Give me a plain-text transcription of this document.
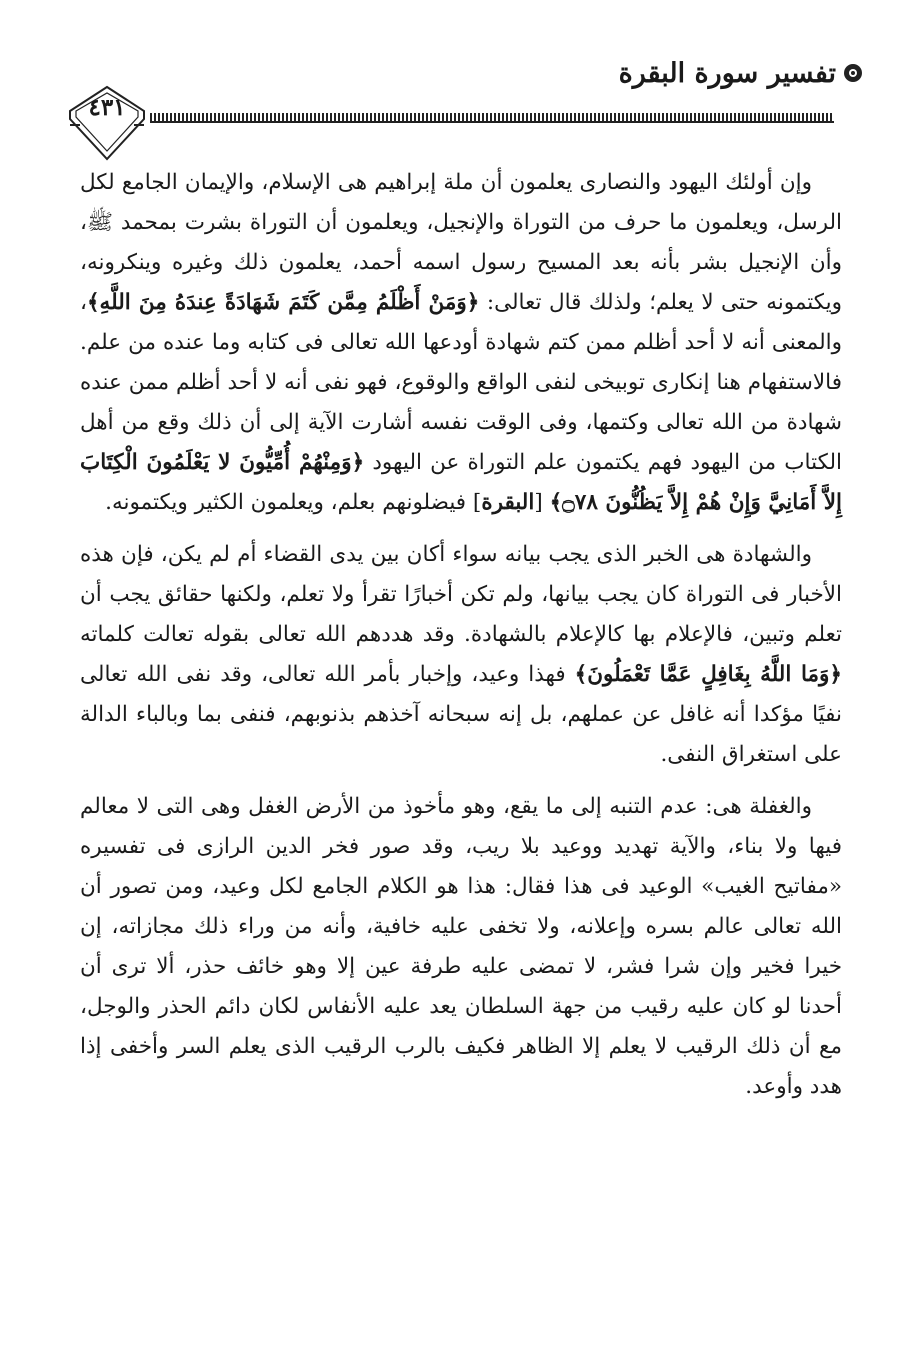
تفسير سورة البقرة
٤٣١

وإن أولئك اليهود والنصارى يعلمون أن ملة إبراهيم هى الإسلام، والإيمان الجامع لكل الرسل، ويعلمون ما حرف من التوراة والإنجيل، ويعلمون أن التوراة بشرت بمحمد ﷺ، وأن الإنجيل بشر بأنه بعد المسيح رسول اسمه أحمد، يعلمون ذلك وغيره وينكرونه، ويكتمونه حتى لا يعلم؛ ولذلك قال تعالى: ﴿وَمَنْ أَظْلَمُ مِمَّن كَتَمَ شَهَادَةً عِندَهُ مِنَ اللَّهِ﴾، والمعنى أنه لا أحد أظلم ممن كتم شهادة أودعها الله تعالى فى كتابه وما عنده من علم. فالاستفهام هنا إنكارى توبيخى لنفى الواقع والوقوع، فهو نفى أنه لا أحد أظلم ممن عنده شهادة من الله تعالى وكتمها، وفى الوقت نفسه أشارت الآية إلى أن ذلك وقع من أهل الكتاب من اليهود فهم يكتمون علم التوراة عن اليهود ﴿وَمِنْهُمْ أُمِّيُّونَ لا يَعْلَمُونَ الْكِتَابَ إِلاَّ أَمَانِيَّ وَإِنْ هُمْ إِلاَّ يَظُنُّونَ ۝٧٨﴾ [البقرة] فيضلونهم بعلم، ويعلمون الكثير ويكتمونه.

والشهادة هى الخبر الذى يجب بيانه سواء أكان بين يدى القضاء أم لم يكن، فإن هذه الأخبار فى التوراة كان يجب بيانها، ولم تكن أخبارًا تقرأ ولا تعلم، ولكنها حقائق يجب أن تعلم وتبين، فالإعلام بها كالإعلام بالشهادة. وقد هددهم الله تعالى بقوله تعالت كلماته ﴿وَمَا اللَّهُ بِغَافِلٍ عَمَّا تَعْمَلُونَ﴾ فهذا وعيد، وإخبار بأمر الله تعالى، وقد نفى الله تعالى نفيًا مؤكدا أنه غافل عن عملهم، بل إنه سبحانه آخذهم بذنوبهم، فنفى بما وبالباء الدالة على استغراق النفى.

والغفلة هى: عدم التنبه إلى ما يقع، وهو مأخوذ من الأرض الغفل وهى التى لا معالم فيها ولا بناء، والآية تهديد ووعيد بلا ريب، وقد صور فخر الدين الرازى فى تفسيره «مفاتيح الغيب» الوعيد فى هذا فقال: هذا هو الكلام الجامع لكل وعيد، ومن تصور أن الله تعالى عالم بسره وإعلانه، ولا تخفى عليه خافية، وأنه من وراء ذلك مجازاته، إن خيرا فخير وإن شرا فشر، لا تمضى عليه طرفة عين إلا وهو خائف حذر، ألا ترى أن أحدنا لو كان عليه رقيب من جهة السلطان يعد عليه الأنفاس لكان دائم الحذر والوجل، مع أن ذلك الرقيب لا يعلم إلا الظاهر فكيف بالرب الرقيب الذى يعلم السر وأخفى إذا هدد وأوعد.
